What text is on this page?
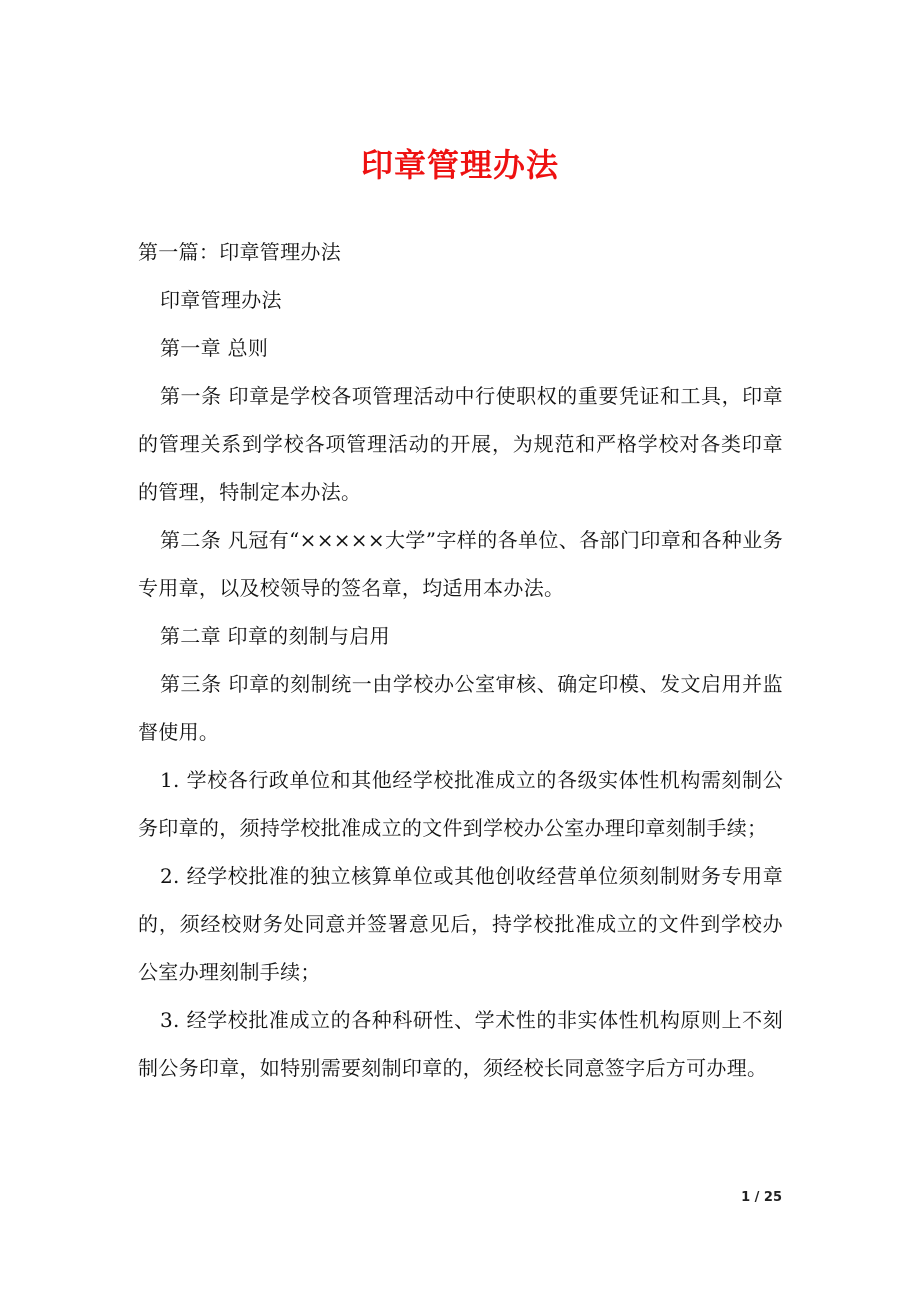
印章管理办法

第一篇：印章管理办法

印章管理办法

第一章 总则

第一条 印章是学校各项管理活动中行使职权的重要凭证和工具，印章的管理关系到学校各项管理活动的开展，为规范和严格学校对各类印章的管理，特制定本办法。

第二条 凡冠有“×××××大学”字样的各单位、各部门印章和各种业务专用章，以及校领导的签名章，均适用本办法。

第二章 印章的刻制与启用

第三条 印章的刻制统一由学校办公室审核、确定印模、发文启用并监督使用。

1. 学校各行政单位和其他经学校批准成立的各级实体性机构需刻制公务印章的，须持学校批准成立的文件到学校办公室办理印章刻制手续；

2. 经学校批准的独立核算单位或其他创收经营单位须刻制财务专用章的，须经校财务处同意并签署意见后，持学校批准成立的文件到学校办公室办理刻制手续；

3. 经学校批准成立的各种科研性、学术性的非实体性机构原则上不刻制公务印章，如特别需要刻制印章的，须经校长同意签字后方可办理。

1 / 25
